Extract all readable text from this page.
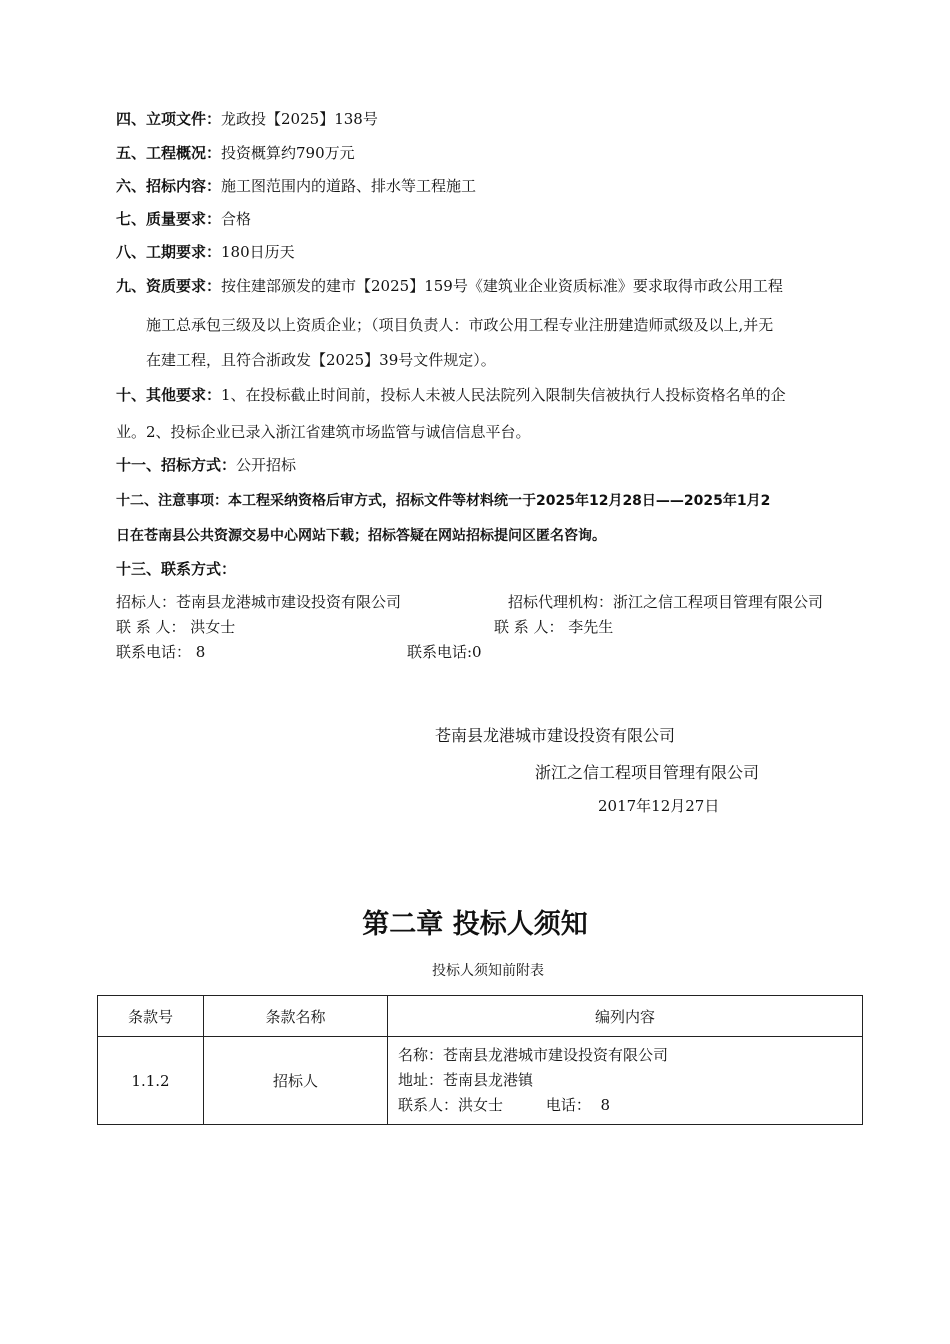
四、立项文件：龙政投【2025】138号
五、工程概况：投资概算约790万元
六、招标内容：施工图范围内的道路、排水等工程施工
七、质量要求：合格
八、工期要求：180日历天
九、资质要求：按住建部颁发的建市【2025】159号《建筑业企业资质标准》要求取得市政公用工程
施工总承包三级及以上资质企业；（项目负责人：市政公用工程专业注册建造师贰级及以上,并无
在建工程，且符合浙政发【2025】39号文件规定）。
十、其他要求：1、在投标截止时间前，投标人未被人民法院列入限制失信被执行人投标资格名单的企
业。2、投标企业已录入浙江省建筑市场监管与诚信信息平台。
十一、招标方式：公开招标
十二、注意事项：本工程采纳资格后审方式，招标文件等材料统一于2025年12月28日——2025年1月2
日在苍南县公共资源交易中心网站下载；招标答疑在网站招标提问区匿名咨询。
十三、联系方式：
招标人：苍南县龙港城市建设投资有限公司	招标代理机构：浙江之信工程项目管理有限公司
联 系 人： 洪女士	联 系 人： 李先生
联系电话： 8	联系电话:0
苍南县龙港城市建设投资有限公司
浙江之信工程项目管理有限公司
2017年12月27日
第二章 投标人须知
投标人须知前附表
条款号	条款名称	编列内容
1.1.2	招标人	名称：苍南县龙港城市建设投资有限公司
地址：苍南县龙港镇
联系人：洪女士         电话：  8
